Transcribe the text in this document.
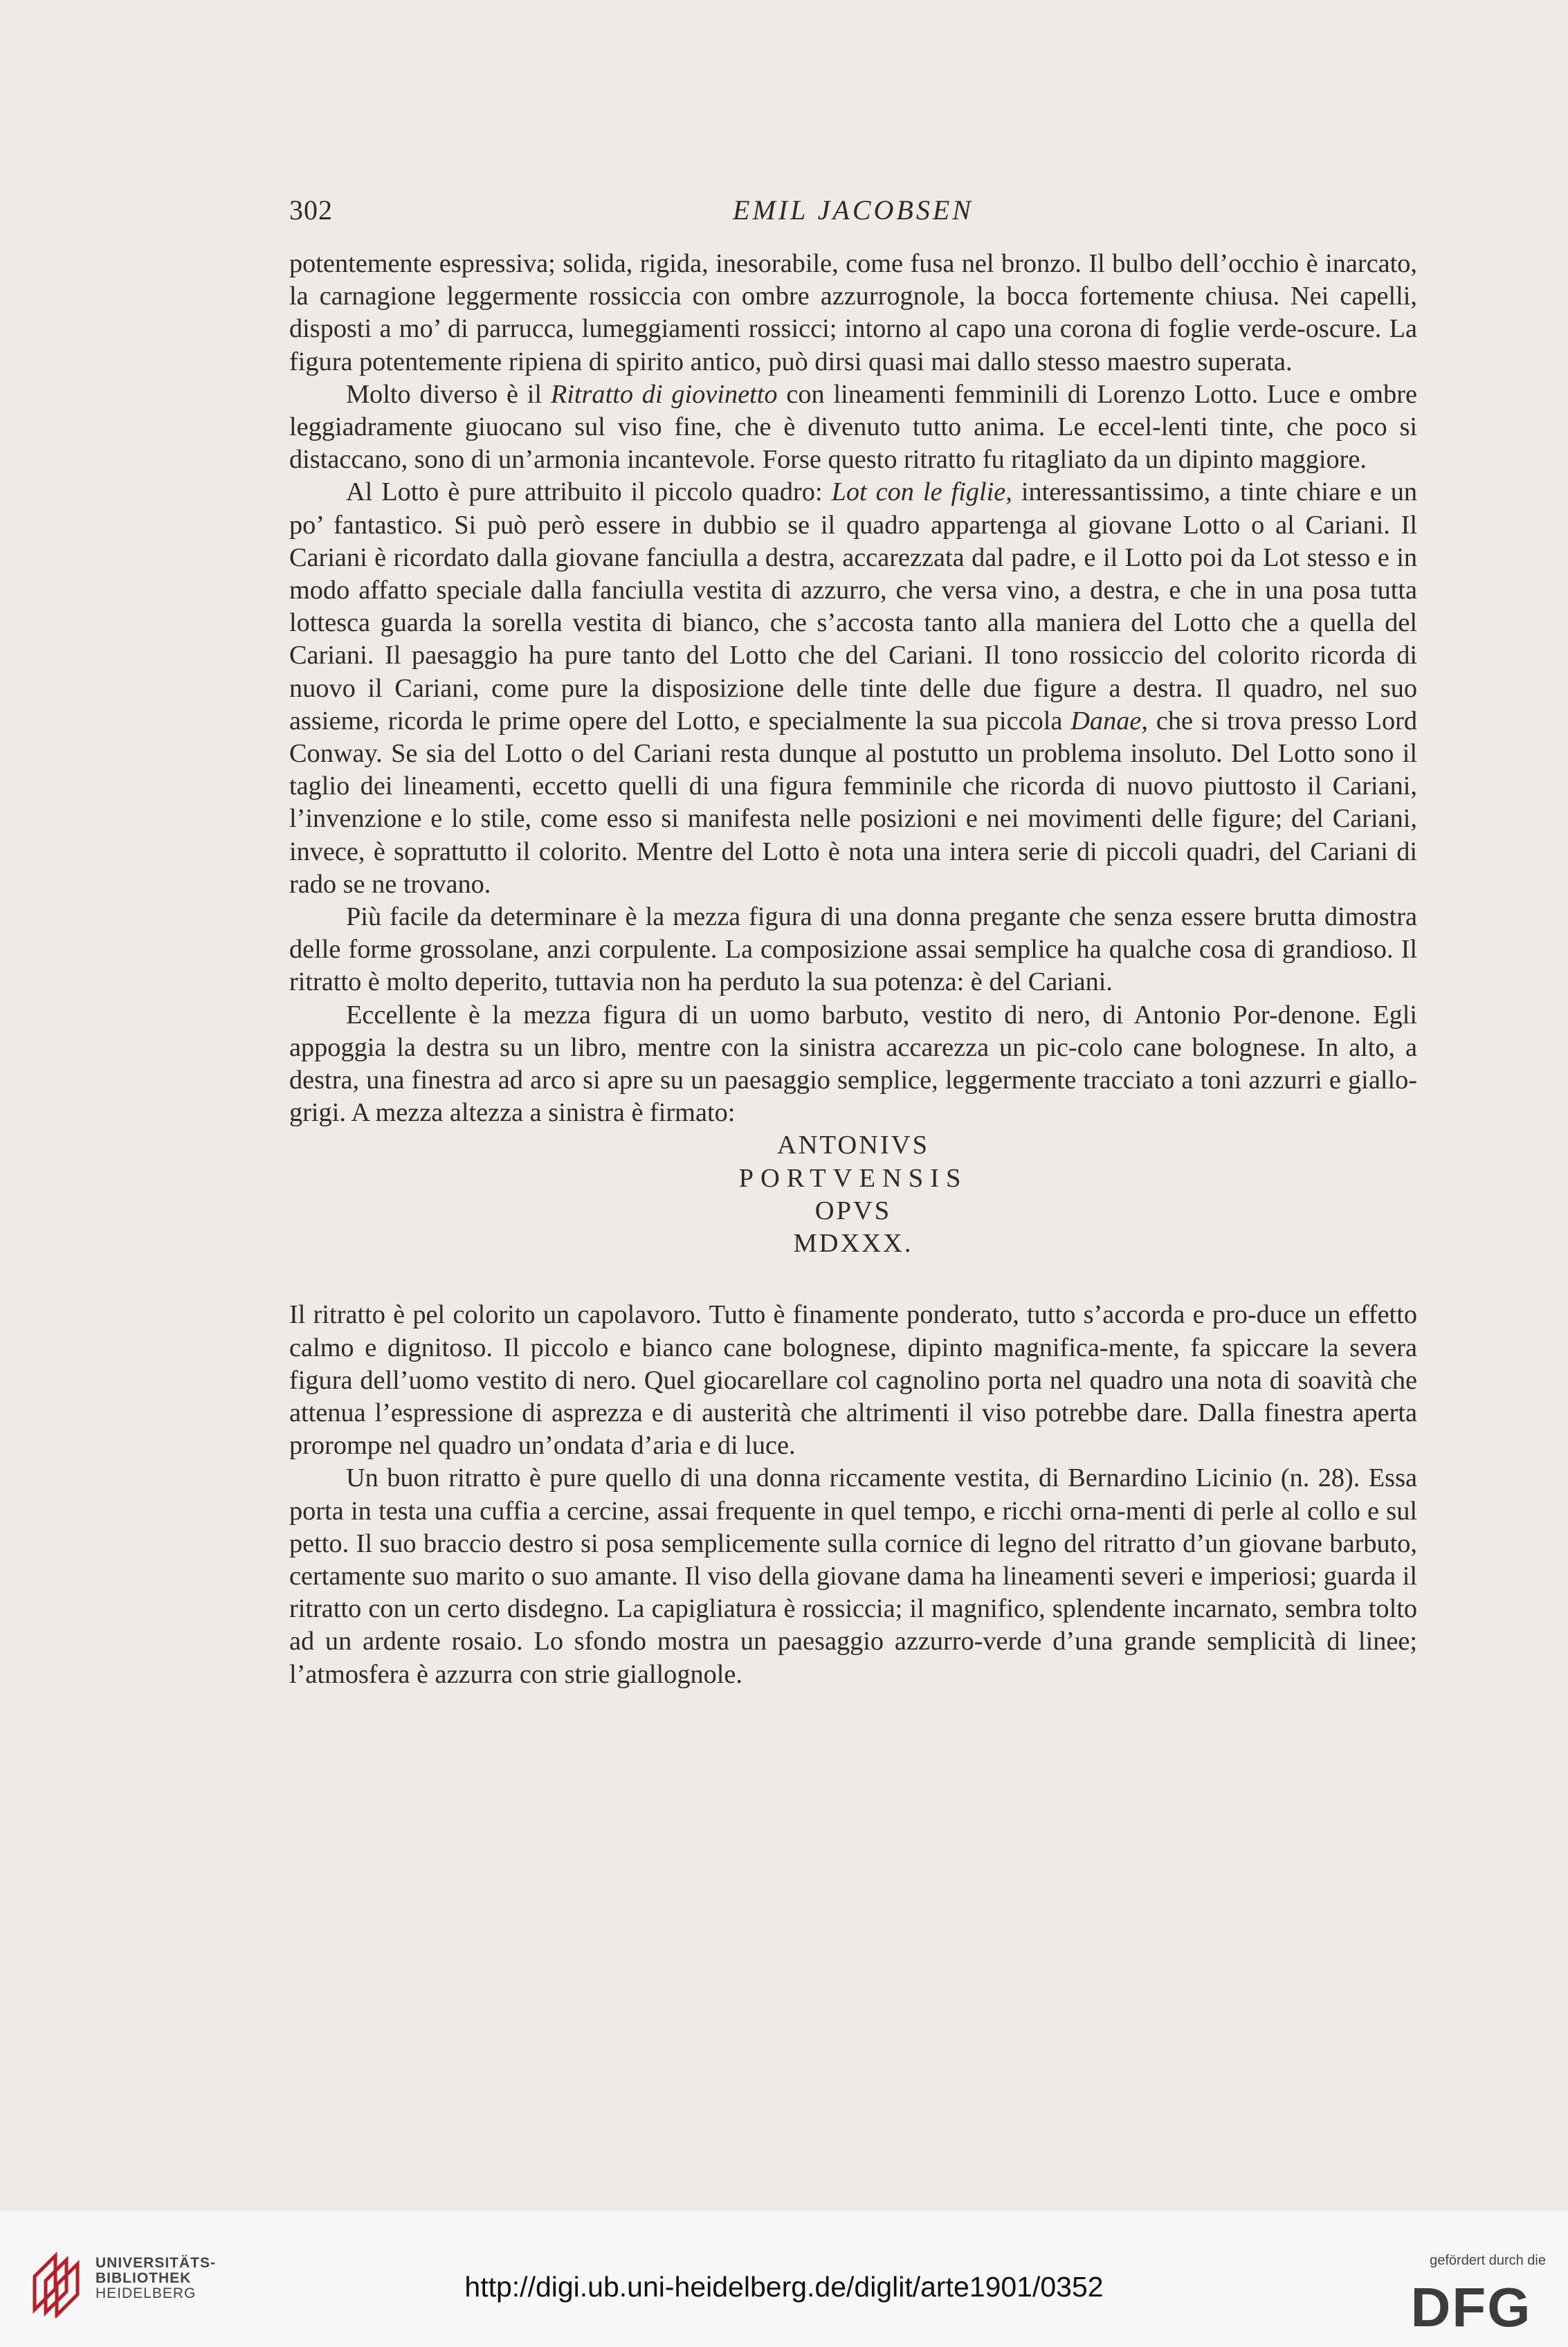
302	EMIL JACOBSEN

potentemente espressiva; solida, rigida, inesorabile, come fusa nel bronzo. Il bulbo dell’occhio è inarcato, la carnagione leggermente rossiccia con ombre azzurrognole, la bocca fortemente chiusa. Nei capelli, disposti a mo’ di parrucca, lumeggiamenti rossicci; intorno al capo una corona di foglie verde-oscure. La figura potentemente ripiena di spirito antico, può dirsi quasi mai dallo stesso maestro superata.

Molto diverso è il Ritratto di giovinetto con lineamenti femminili di Lorenzo Lotto. Luce e ombre leggiadramente giuocano sul viso fine, che è divenuto tutto anima. Le eccel-lenti tinte, che poco si distaccano, sono di un’armonia incantevole. Forse questo ritratto fu ritagliato da un dipinto maggiore.

Al Lotto è pure attribuito il piccolo quadro: Lot con le figlie, interessantissimo, a tinte chiare e un po’ fantastico. Si può però essere in dubbio se il quadro appartenga al giovane Lotto o al Cariani. Il Cariani è ricordato dalla giovane fanciulla a destra, accarezzata dal padre, e il Lotto poi da Lot stesso e in modo affatto speciale dalla fanciulla vestita di azzurro, che versa vino, a destra, e che in una posa tutta lottesca guarda la sorella vestita di bianco, che s’accosta tanto alla maniera del Lotto che a quella del Cariani. Il paesaggio ha pure tanto del Lotto che del Cariani. Il tono rossiccio del colorito ricorda di nuovo il Cariani, come pure la disposizione delle tinte delle due figure a destra. Il quadro, nel suo assieme, ricorda le prime opere del Lotto, e specialmente la sua piccola Danae, che si trova presso Lord Conway. Se sia del Lotto o del Cariani resta dunque al postutto un problema insoluto. Del Lotto sono il taglio dei lineamenti, eccetto quelli di una figura femminile che ricorda di nuovo piuttosto il Cariani, l’invenzione e lo stile, come esso si manifesta nelle posizioni e nei movimenti delle figure; del Cariani, invece, è soprattutto il colorito. Mentre del Lotto è nota una intera serie di piccoli quadri, del Cariani di rado se ne trovano.

Più facile da determinare è la mezza figura di una donna pregante che senza essere brutta dimostra delle forme grossolane, anzi corpulente. La composizione assai semplice ha qualche cosa di grandioso. Il ritratto è molto deperito, tuttavia non ha perduto la sua potenza: è del Cariani.

Eccellente è la mezza figura di un uomo barbuto, vestito di nero, di Antonio Por-denone. Egli appoggia la destra su un libro, mentre con la sinistra accarezza un pic-colo cane bolognese. In alto, a destra, una finestra ad arco si apre su un paesaggio semplice, leggermente tracciato a toni azzurri e giallo-grigi. A mezza altezza a sinistra è firmato:

ANTONIVS
PORTVENSIS
OPVS
MDXXX.

Il ritratto è pel colorito un capolavoro. Tutto è finamente ponderato, tutto s’accorda e pro-duce un effetto calmo e dignitoso. Il piccolo e bianco cane bolognese, dipinto magnifica-mente, fa spiccare la severa figura dell’uomo vestito di nero. Quel giocarellare col cagnolino porta nel quadro una nota di soavità che attenua l’espressione di asprezza e di austerità che altrimenti il viso potrebbe dare. Dalla finestra aperta prorompe nel quadro un’ondata d’aria e di luce.

Un buon ritratto è pure quello di una donna riccamente vestita, di Bernardino Licinio (n. 28). Essa porta in testa una cuffia a cercine, assai frequente in quel tempo, e ricchi orna-menti di perle al collo e sul petto. Il suo braccio destro si posa semplicemente sulla cornice di legno del ritratto d’un giovane barbuto, certamente suo marito o suo amante. Il viso della giovane dama ha lineamenti severi e imperiosi; guarda il ritratto con un certo disdegno. La capigliatura è rossiccia; il magnifico, splendente incarnato, sembra tolto ad un ardente rosaio. Lo sfondo mostra un paesaggio azzurro-verde d’una grande semplicità di linee; l’atmosfera è azzurra con strie giallognole.

UNIVERSITÄTS-
BIBLIOTHEK
HEIDELBERG	http://digi.ub.uni-heidelberg.de/diglit/arte1901/0352
gefördert durch die
DFG
